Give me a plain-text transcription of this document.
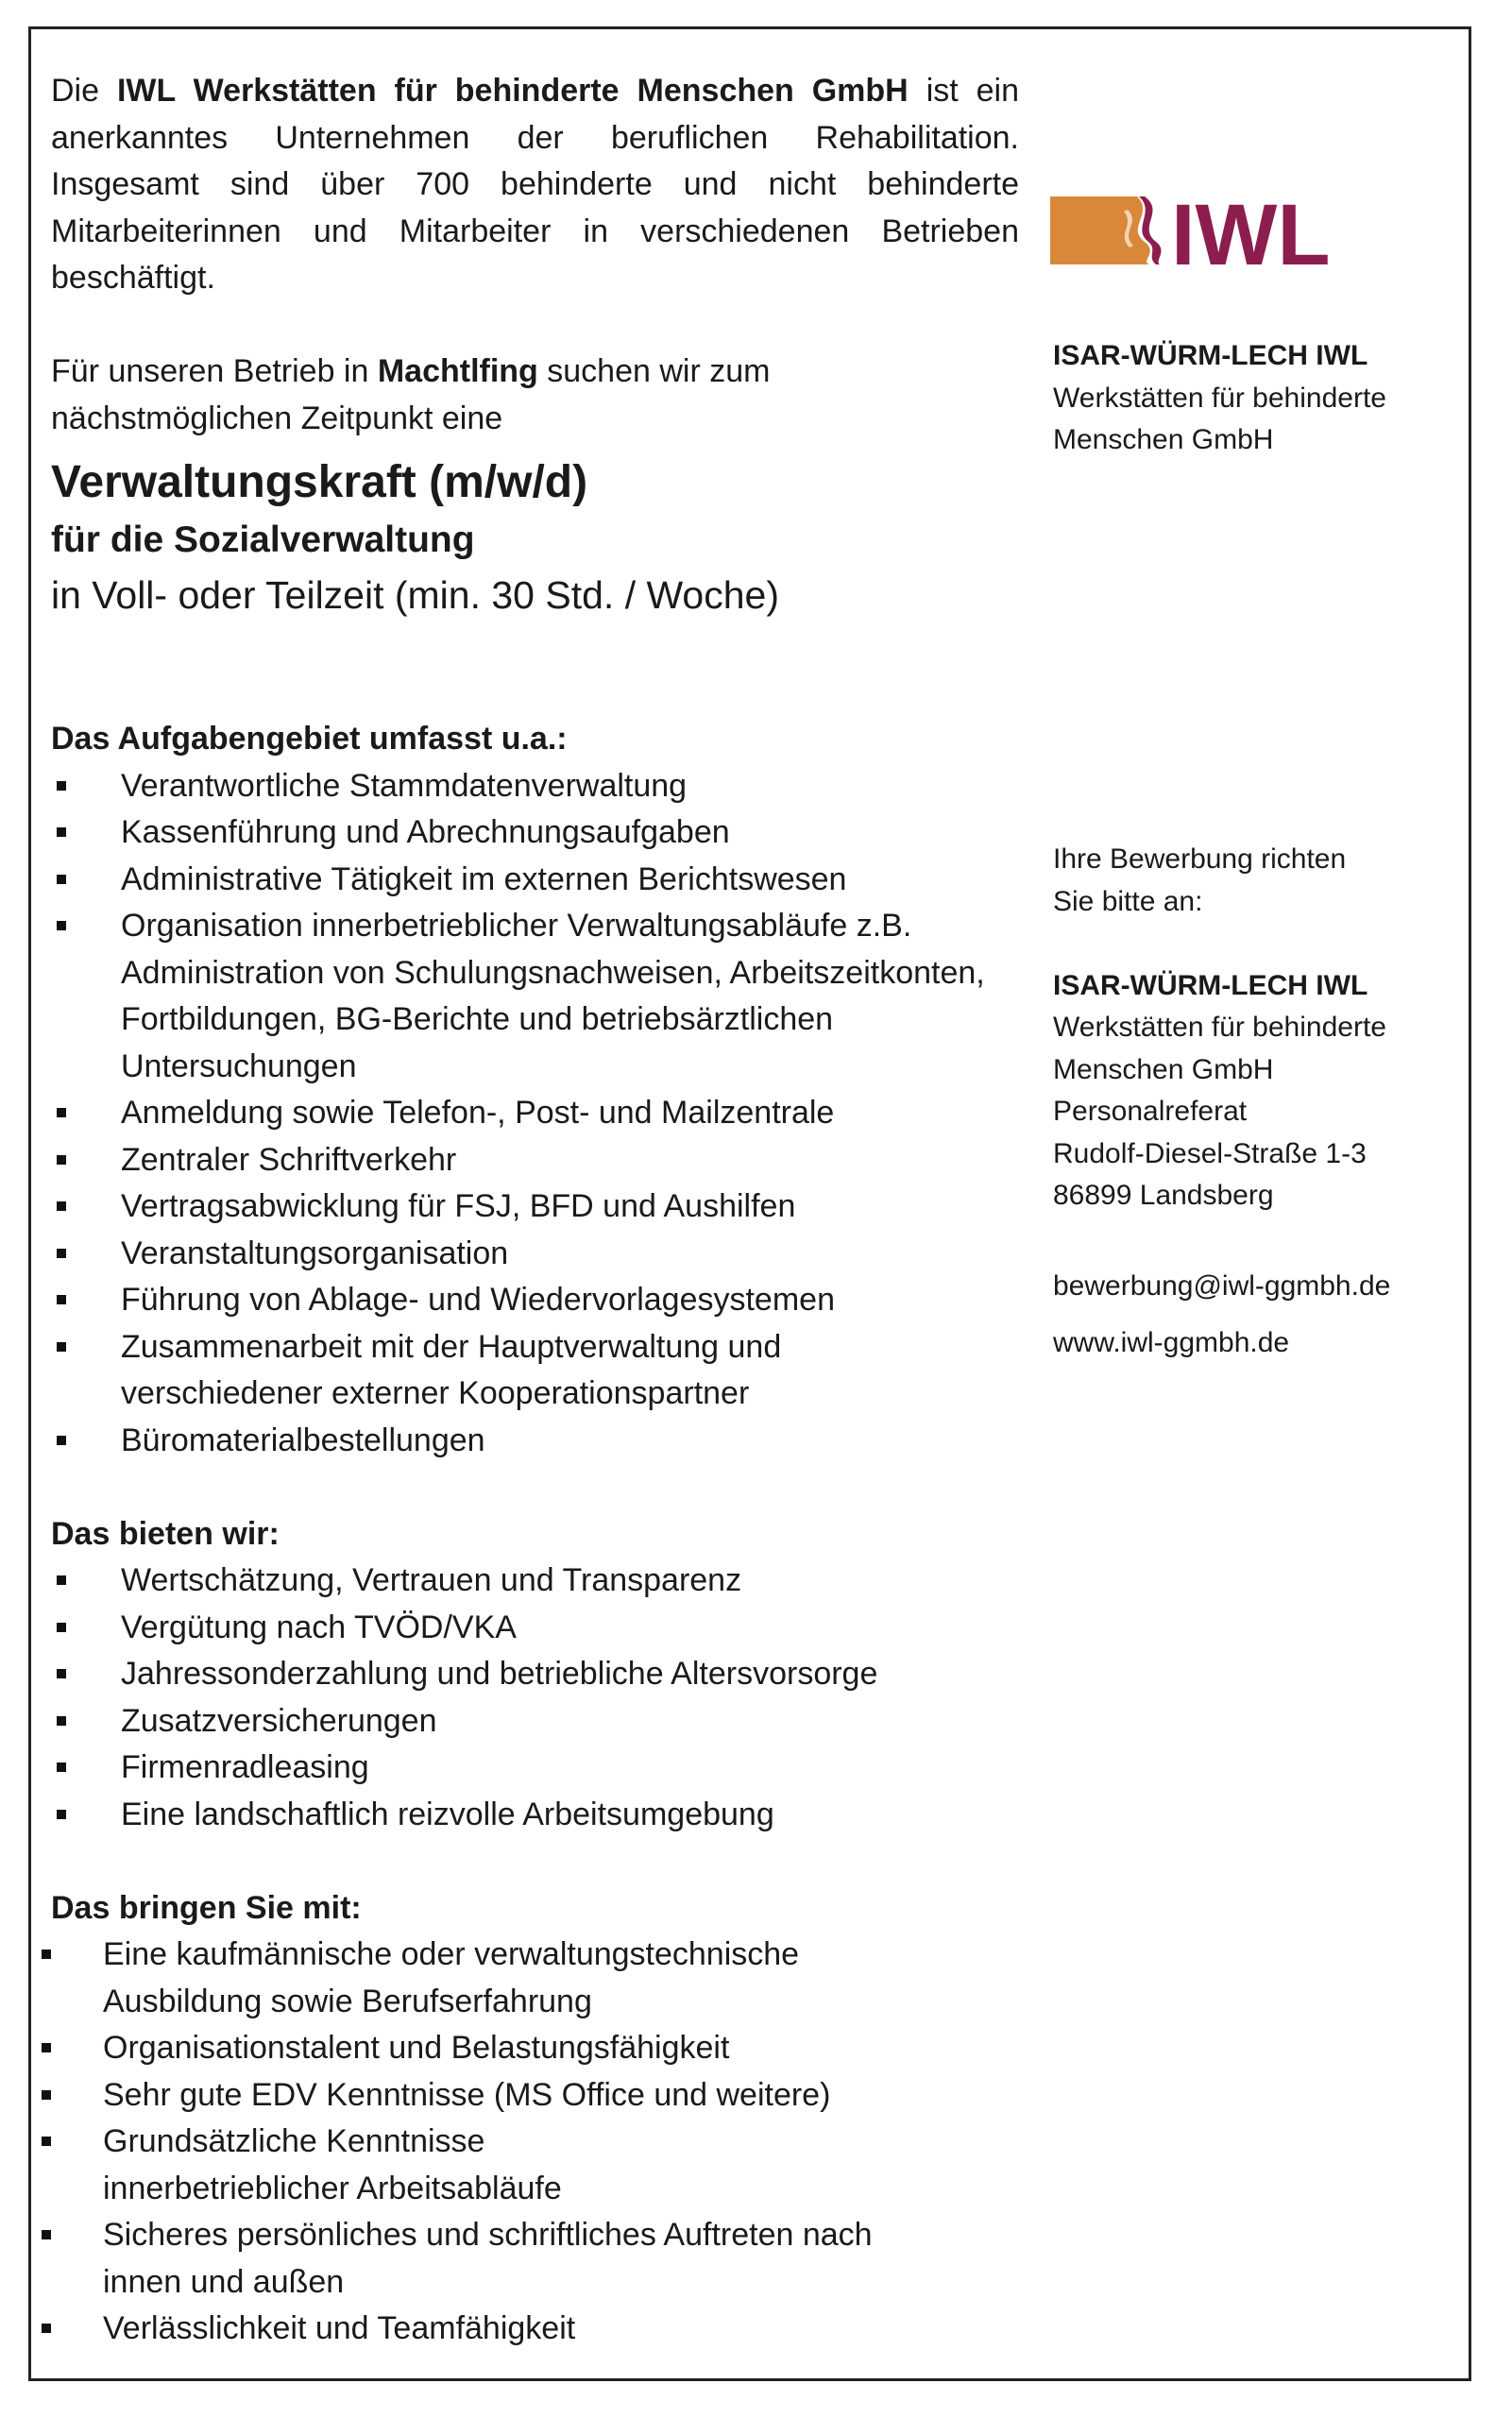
Die IWL Werkstätten für behinderte Menschen GmbH ist ein anerkanntes Unternehmen der beruflichen Rehabilitation. Insgesamt sind über 700 behinderte und nicht behinderte Mitarbeiterinnen und Mitarbeiter in verschiedenen Betrieben beschäftigt.

Für unseren Betrieb in Machtlfing suchen wir zum nächstmöglichen Zeitpunkt eine

Verwaltungskraft (m/w/d)

für die Sozialverwaltung

in Voll- oder Teilzeit (min. 30 Std. / Woche)

Das Aufgabengebiet umfasst u.a.:

Verantwortliche Stammdatenverwaltung
Kassenführung und Abrechnungsaufgaben
Administrative Tätigkeit im externen Berichtswesen
Organisation innerbetrieblicher Verwaltungsabläufe z.B. Administration von Schulungsnachweisen, Arbeitszeitkonten, Fortbildungen, BG-Berichte und betriebsärztlichen Untersuchungen
Anmeldung sowie Telefon-, Post- und Mailzentrale
Zentraler Schriftverkehr
Vertragsabwicklung für FSJ, BFD und Aushilfen
Veranstaltungsorganisation
Führung von Ablage- und Wiedervorlagesystemen
Zusammenarbeit mit der Hauptverwaltung und verschiedener externer Kooperationspartner
Büromaterialbestellungen

Das bieten wir:

Wertschätzung, Vertrauen und Transparenz
Vergütung nach TVÖD/VKA
Jahressonderzahlung und betriebliche Altersvorsorge
Zusatzversicherungen
Firmenradleasing
Eine landschaftlich reizvolle Arbeitsumgebung

Das bringen Sie mit:

Eine kaufmännische oder verwaltungstechnische Ausbildung sowie Berufserfahrung
Organisationstalent und Belastungsfähigkeit
Sehr gute EDV Kenntnisse (MS Office und weitere)
Grundsätzliche Kenntnisse innerbetrieblicher Arbeitsabläufe
Sicheres persönliches und schriftliches Auftreten nach innen und außen
Verlässlichkeit und Teamfähigkeit
IWL

ISAR-WÜRM-LECH IWL

Werkstätten für behinderte

Menschen GmbH

Ihre Bewerbung richten

Sie bitte an:

ISAR-WÜRM-LECH IWL

Werkstätten für behinderte

Menschen GmbH

Personalreferat

Rudolf-Diesel-Straße 1-3

86899 Landsberg

bewerbung@iwl-ggmbh.de

www.iwl-ggmbh.de
